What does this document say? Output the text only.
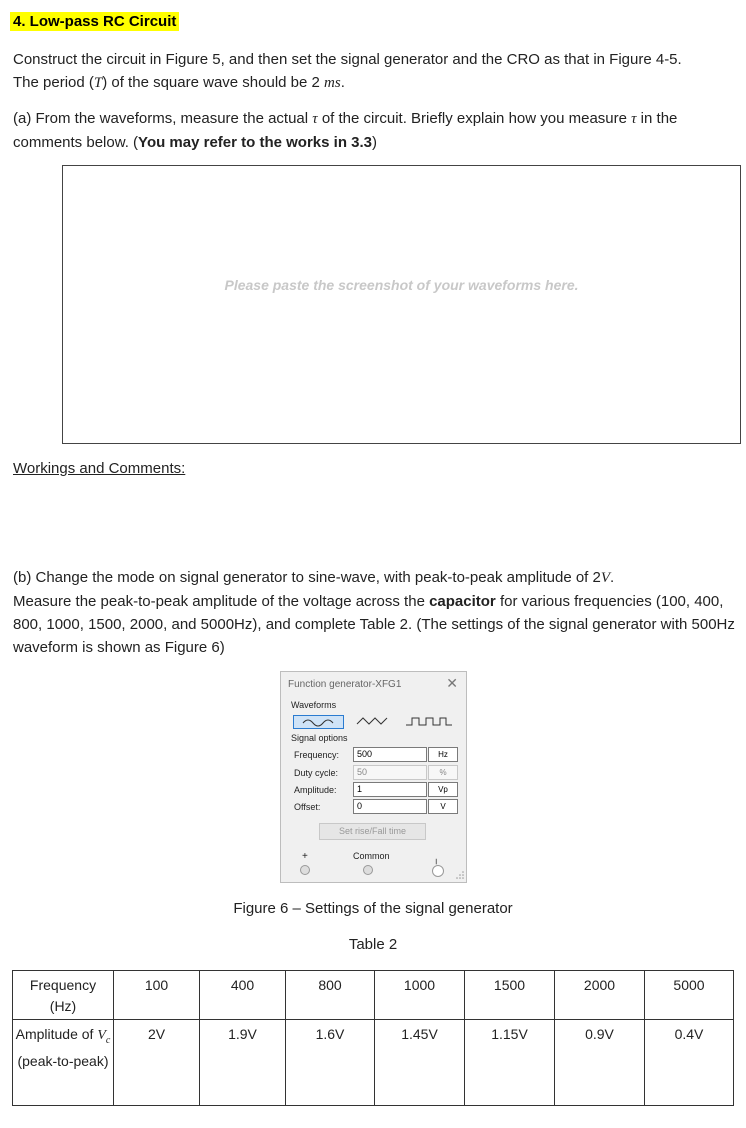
4. Low-pass RC Circuit
Construct the circuit in Figure 5, and then set the signal generator and the CRO as that in Figure 4-5.
The period (T) of the square wave should be 2 ms.
(a) From the waveforms, measure the actual τ of the circuit. Briefly explain how you measure τ in the comments below. (You may refer to the works in 3.3)
Please paste the screenshot of your waveforms here.
Workings and Comments:
(b) Change the mode on signal generator to sine-wave, with peak-to-peak amplitude of 2V.
Measure the peak-to-peak amplitude of the voltage across the capacitor for various frequencies (100, 400, 800, 1000, 1500, 2000, and 5000Hz), and complete Table 2. (The settings of the signal generator with 500Hz waveform is shown as Figure 6)
Function generator-XFG1	✕
Waveforms
Signal options
Frequency:	500	Hz
Duty cycle:	50	%
Amplitude:	1	Vp
Offset:	0	V
Set rise/Fall time
+	Common
–
Figure 6 – Settings of the signal generator
Table 2
Frequency (Hz)	100	400	800	1000	1500	2000	5000
Amplitude of $V_c$ (peak-to-peak)	2V	1.9V	1.6V	1.45V	1.15V	0.9V	0.4V
